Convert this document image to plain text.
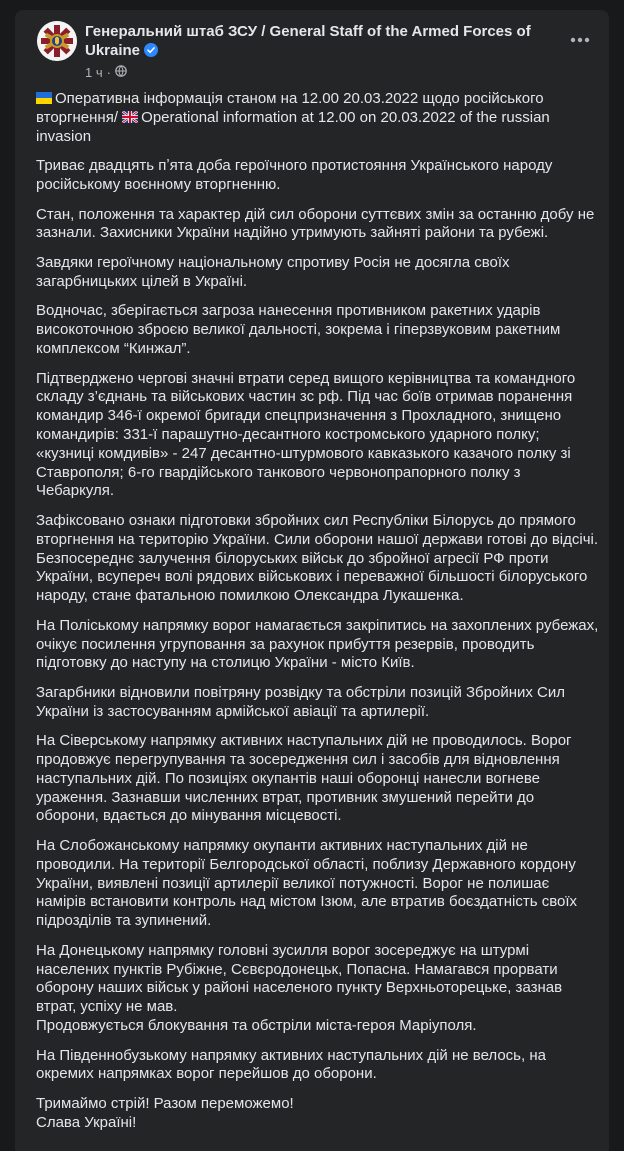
Генеральний штаб ЗСУ / General Staff of the Armed Forces of Ukraine
1 ч ·

Оперативна інформація станом на 12.00 20.03.2022 щодо російського вторгнення/ Operational information at 12.00 on 20.03.2022 of the russian invasion

Триває двадцять пʼята доба героїчного протистояння Українського народу російському воєнному вторгненню.

Стан, положення та характер дій сил оборони суттєвих змін за останню добу не зазнали. Захисники України надійно утримують зайняті райони та рубежі.

Завдяки героїчному національному спротиву Росія не досягла своїх загарбницьких цілей в Україні.

Водночас, зберігається загроза нанесення противником ракетних ударів високоточною зброєю великої дальності, зокрема і гіперзвуковим ракетним комплексом “Кинжал”.

Підтверджено чергові значні втрати серед вищого керівництва та командного складу з’єднань та військових частин зс рф. Під час боїв отримав поранення командир 346-ї окремої бригади спецпризначення з Прохладного, знищено командирів: 331-ї парашутно-десантного костромського ударного полку; «кузниці комдивів» - 247 десантно-штурмового кавказького казачого полку зі Ставрополя; 6-го гвардійського танкового червонопрапорного полку з Чебаркуля.

Зафіксовано ознаки підготовки збройних сил Республіки Білорусь до прямого вторгнення на територію України. Сили оборони нашої держави готові до відсічі. Безпосереднє залучення білоруських військ до збройної агресії РФ проти України, всупереч волі рядових військових і переважної більшості білоруського народу, стане фатальною помилкою Олександра Лукашенка.

На Поліському напрямку ворог намагається закріпитись на захоплених рубежах, очікує посилення угруповання за рахунок прибуття резервів, проводить підготовку до наступу на столицю України - місто Київ.

Загарбники відновили повітряну розвідку та обстріли позицій Збройних Сил України із застосуванням армійської авіації та артилерії.

На Сіверському напрямку активних наступальних дій не проводилось. Ворог продовжує перегрупування та зосередження сил і засобів для відновлення наступальних дій. По позиціях окупантів наші оборонці нанесли вогневе ураження. Зазнавши численних втрат, противник змушений перейти до оборони, вдається до мінування місцевості.

На Слобожанському напрямку окупанти активних наступальних дій не проводили. На території Белгородської області, поблизу Державного кордону України, виявлені позиції артилерії великої потужності. Ворог не полишає намірів встановити контроль над містом Ізюм, але втратив боєздатність своїх підрозділів та зупинений.

На Донецькому напрямку головні зусилля ворог зосереджує на штурмі населених пунктів Рубіжне, Сєвєродонецьк, Попасна. Намагався прорвати оборону наших військ у районі населеного пункту Верхньоторецьке, зазнав втрат, успіху не мав.
Продовжується блокування та обстріли міста-героя Маріуполя.

На Південнобузькому напрямку активних наступальних дій не велось, на окремих напрямках ворог перейшов до оборони.

Тримаймо стрій! Разом переможемо!
Слава Україні!
